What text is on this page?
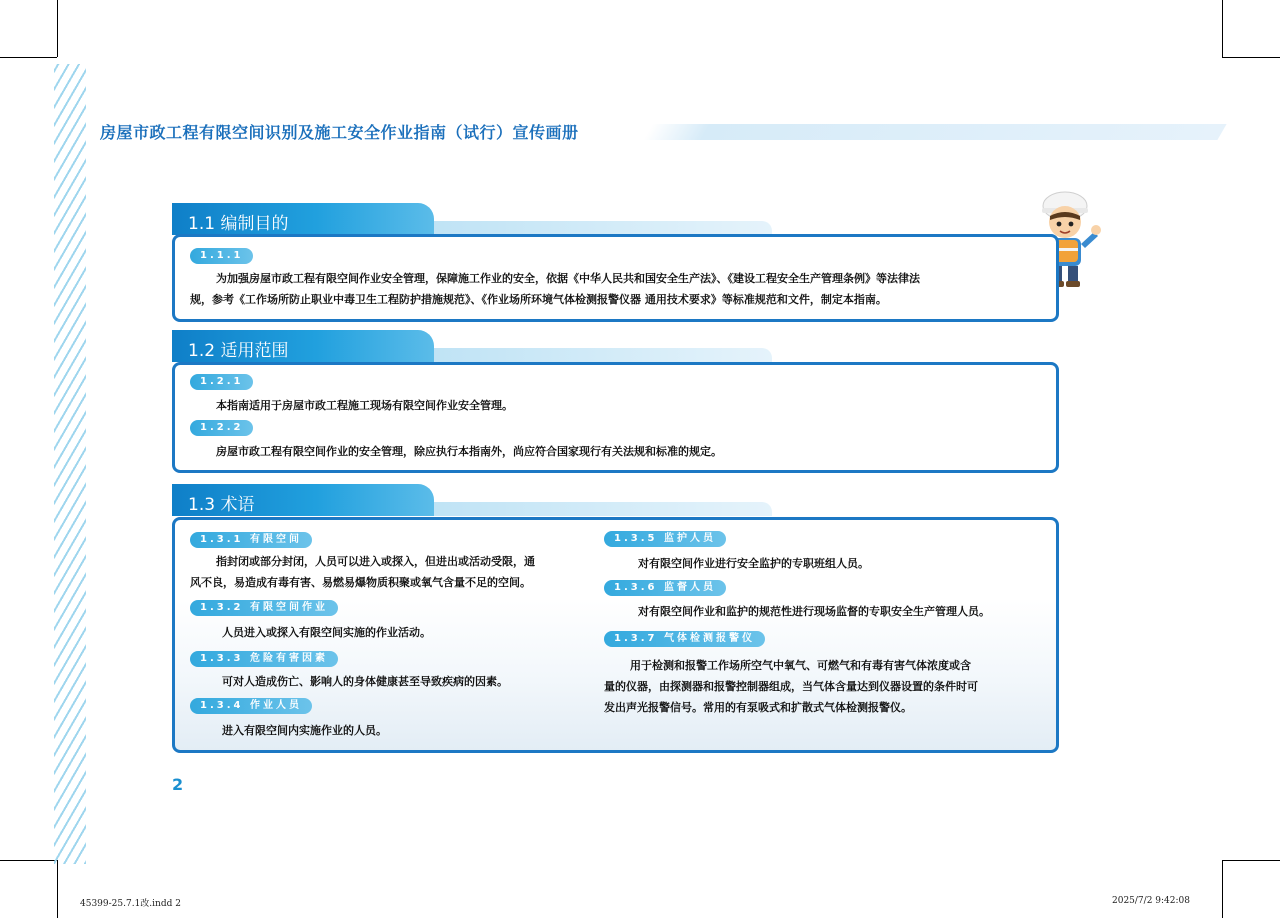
房屋市政工程有限空间识别及施工安全作业指南（试行）宣传画册
1.1 编制目的
1.1.1
为加强房屋市政工程有限空间作业安全管理，保障施工作业的安全，依据《中华人民共和国安全生产法》、《建设工程安全生产管理条例》等法律法
规，参考《工作场所防止职业中毒卫生工程防护措施规范》、《作业场所环境气体检测报警仪器 通用技术要求》等标准规范和文件，制定本指南。
1.2 适用范围
1.2.1
本指南适用于房屋市政工程施工现场有限空间作业安全管理。
1.2.2
房屋市政工程有限空间作业的安全管理，除应执行本指南外，尚应符合国家现行有关法规和标准的规定。
1.3 术语
1.3.1 有限空间
指封闭或部分封闭，人员可以进入或探入，但进出或活动受限，通
风不良，易造成有毒有害、易燃易爆物质积聚或氧气含量不足的空间。
1.3.2 有限空间作业
人员进入或探入有限空间实施的作业活动。
1.3.3 危险有害因素
可对人造成伤亡、影响人的身体健康甚至导致疾病的因素。
1.3.4 作业人员
进入有限空间内实施作业的人员。
1.3.5 监护人员
对有限空间作业进行安全监护的专职班组人员。
1.3.6 监督人员
对有限空间作业和监护的规范性进行现场监督的专职安全生产管理人员。
1.3.7 气体检测报警仪
用于检测和报警工作场所空气中氧气、可燃气和有毒有害气体浓度或含
量的仪器，由探测器和报警控制器组成，当气体含量达到仪器设置的条件时可
发出声光报警信号。常用的有泵吸式和扩散式气体检测报警仪。
2
45399-25.7.1改.indd 2	2025/7/2 9:42:08
